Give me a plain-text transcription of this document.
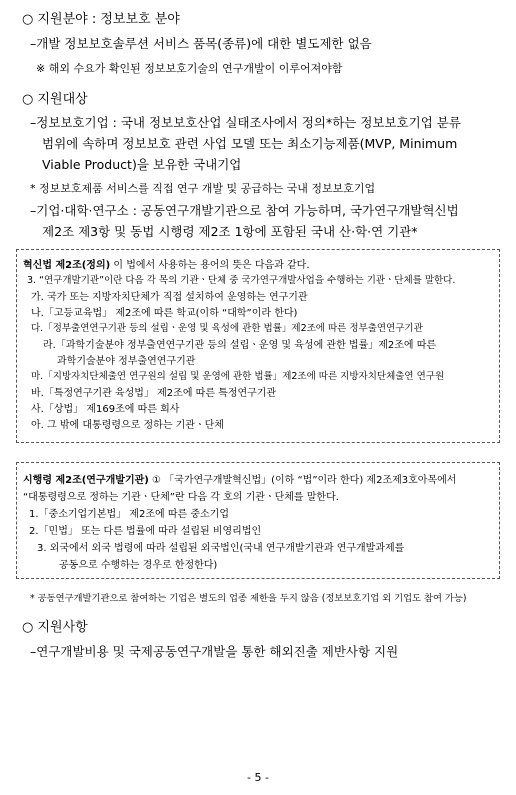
○ 지원분야 : 정보보호 분야
–개발 정보보호솔루션 서비스 품목(종류)에 대한 별도제한 없음
※ 해외 수요가 확인된 정보보호기술의 연구개발이 이루어져야함
○ 지원대상
–정보보호기업 : 국내 정보보호산업 실태조사에서 정의*하는 정보보호기업 분류
범위에 속하며 정보보호 관련 사업 모델 또는 최소기능제품(MVP, Minimum
Viable Product)을 보유한 국내기업
* 정보보호제품 서비스를 직접 연구 개발 및 공급하는 국내 정보보호기업
–기업·대학·연구소 : 공동연구개발기관으로 참여 가능하며, 국가연구개발혁신법
제2조 제3항 및 동법 시행령 제2조 1항에 포함된 국내 산·학·연 기관*
혁신법 제2조(정의) 이 법에서 사용하는 용어의 뜻은 다음과 같다.
3. “연구개발기관”이란 다음 각 목의 기관ㆍ단체 중 국가연구개발사업을 수행하는 기관ㆍ단체를 말한다.
가. 국가 또는 지방자치단체가 직접 설치하여 운영하는 연구기관
나.「고등교육법」 제2조에 따른 학교(이하 “대학”이라 한다)
다.「정부출연연구기관 등의 설립ㆍ운영 및 육성에 관한 법률」제2조에 따른 정부출연연구기관
라.「과학기술분야 정부출연연구기관 등의 설립ㆍ운영 및 육성에 관한 법률」제2조에 따른
과학기술분야 정부출연연구기관
마.「지방자치단체출연 연구원의 설립 및 운영에 관한 법률」제2조에 따른 지방자치단체출연 연구원
바.「특정연구기관 육성법」 제2조에 따른 특정연구기관
사.「상법」 제169조에 따른 회사
아. 그 밖에 대통령령으로 정하는 기관ㆍ단체
시행령 제2조(연구개발기관) ① 「국가연구개발혁신법」(이하 “법”이라 한다) 제2조제3호아목에서
“대통령령으로 정하는 기관ㆍ단체”란 다음 각 호의 기관ㆍ단체를 말한다.
1.「중소기업기본법」 제2조에 따른 중소기업
2.「민법」 또는 다른 법률에 따라 설립된 비영리법인
3. 외국에서 외국 법령에 따라 설립된 외국법인(국내 연구개발기관과 연구개발과제를
공동으로 수행하는 경우로 한정한다)
* 공동연구개발기관으로 참여하는 기업은 별도의 업종 제한을 두지 않음 (정보보호기업 외 기업도 참여 가능)
○ 지원사항
–연구개발비용 및 국제공동연구개발을 통한 해외진출 제반사항 지원
- 5 -
